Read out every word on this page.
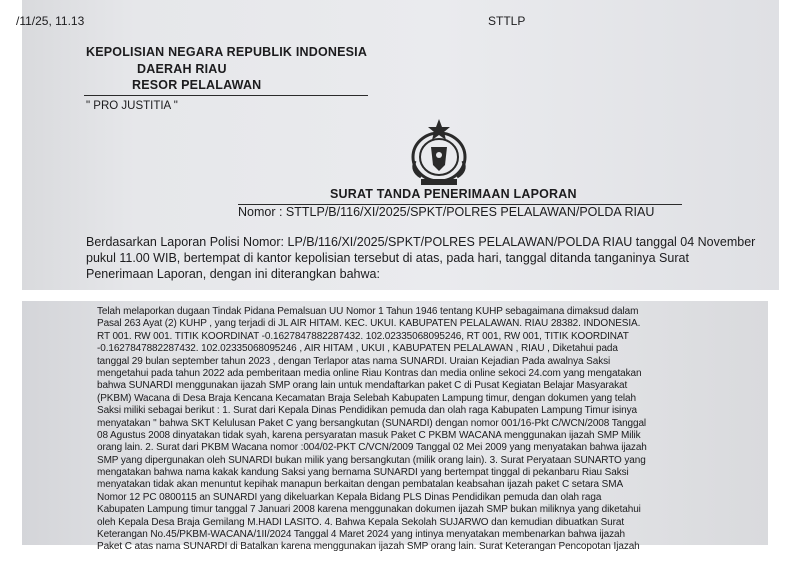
/11/25, 11.13	STTLP
KEPOLISIAN NEGARA REPUBLIK INDONESIA
DAERAH RIAU
RESOR PELALAWAN
" PRO JUSTITIA "
SURAT TANDA PENERIMAAN LAPORAN
Nomor : STTLP/B/116/XI/2025/SPKT/POLRES PELALAWAN/POLDA RIAU
Berdasarkan Laporan Polisi Nomor: LP/B/116/XI/2025/SPKT/POLRES PELALAWAN/POLDA RIAU tanggal 04 November
pukul 11.00 WIB, bertempat di kantor kepolisian tersebut di atas, pada hari, tanggal ditanda tanganinya Surat
Penerimaan Laporan, dengan ini diterangkan bahwa:
Telah melaporkan dugaan Tindak Pidana Pemalsuan UU Nomor 1 Tahun 1946 tentang KUHP sebagaimana dimaksud dalam
Pasal 263 Ayat (2) KUHP , yang terjadi di JL AIR HITAM. KEC. UKUI. KABUPATEN PELALAWAN. RIAU 28382. INDONESIA.
RT 001. RW 001. TITIK KOORDINAT -0.1627847882287432. 102.02335068095246, RT 001, RW 001, TITIK KOORDINAT
-0.1627847882287432. 102.02335068095246 , AIR HITAM , UKUI , KABUPATEN PELALAWAN , RIAU , Diketahui pada
tanggal 29 bulan september tahun 2023 , dengan Terlapor atas nama SUNARDI. Uraian Kejadian Pada awalnya Saksi
mengetahui pada tahun 2022 ada pemberitaan media online Riau Kontras dan media online sekoci 24.com yang mengatakan
bahwa SUNARDI menggunakan ijazah SMP orang lain untuk mendaftarkan paket C di Pusat Kegiatan Belajar Masyarakat
(PKBM) Wacana di Desa Braja Kencana Kecamatan Braja Selebah Kabupaten Lampung timur, dengan dokumen yang telah
Saksi miliki sebagai berikut : 1. Surat dari Kepala Dinas Pendidikan pemuda dan olah raga Kabupaten Lampung Timur isinya
menyatakan " bahwa SKT Kelulusan Paket C yang bersangkutan (SUNARDI) dengan nomor 001/16-Pkt C/WCN/2008 Tanggal
08 Agustus 2008 dinyatakan tidak syah, karena persyaratan masuk Paket C PKBM WACANA menggunakan ijazah SMP Milik
orang lain. 2. Surat dari PKBM Wacana nomor :004/02-PKT C/VCN/2009 Tanggal 02 Mei 2009 yang menyatakan bahwa ijazah
SMP yang dipergunakan oleh SUNARDI bukan milik yang bersangkutan (milik orang lain). 3. Surat Peryataan SUNARTO yang
mengatakan bahwa nama kakak kandung Saksi yang bernama SUNARDI yang bertempat tinggal di pekanbaru Riau Saksi
menyatakan tidak akan menuntut kepihak manapun berkaitan dengan pembatalan keabsahan ijazah paket C setara SMA
Nomor 12 PC 0800115 an SUNARDI yang dikeluarkan Kepala Bidang PLS Dinas Pendidikan pemuda dan olah raga
Kabupaten Lampung timur tanggal 7 Januari 2008 karena menggunakan dokumen ijazah SMP bukan miliknya yang diketahui
oleh Kepala Desa Braja Gemilang M.HADI LASITO. 4. Bahwa Kepala Sekolah SUJARWO dan kemudian dibuatkan Surat
Keterangan No.45/PKBM-WACANA/1II/2024 Tanggal 4 Maret 2024 yang intinya menyatakan membenarkan bahwa ijazah
Paket C atas nama SUNARDI di Batalkan karena menggunakan ijazah SMP orang lain. Surat Keterangan Pencopotan Ijazah
